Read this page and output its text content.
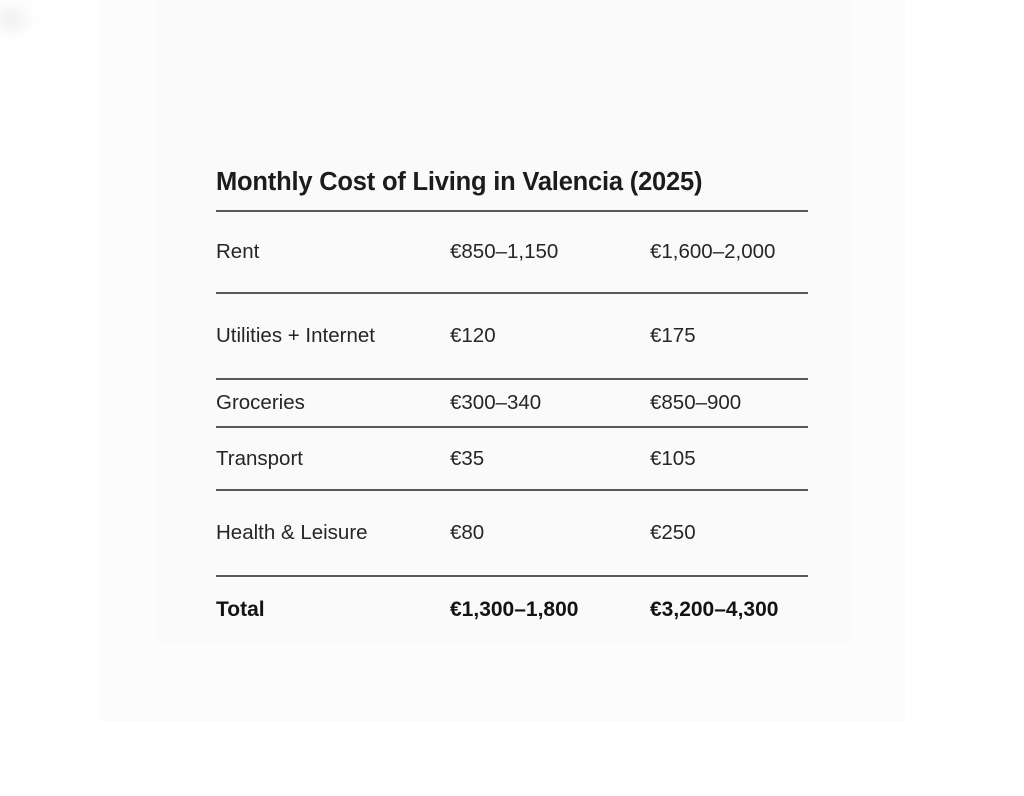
Monthly Cost of Living in Valencia (2025)
Rent	€850–1,150	€1,600–2,000
Utilities + Internet	€120	€175
Groceries	€300–340	€850–900
Transport	€35	€105
Health & Leisure	€80	€250
Total	€1,300–1,800	€3,200–4,300
